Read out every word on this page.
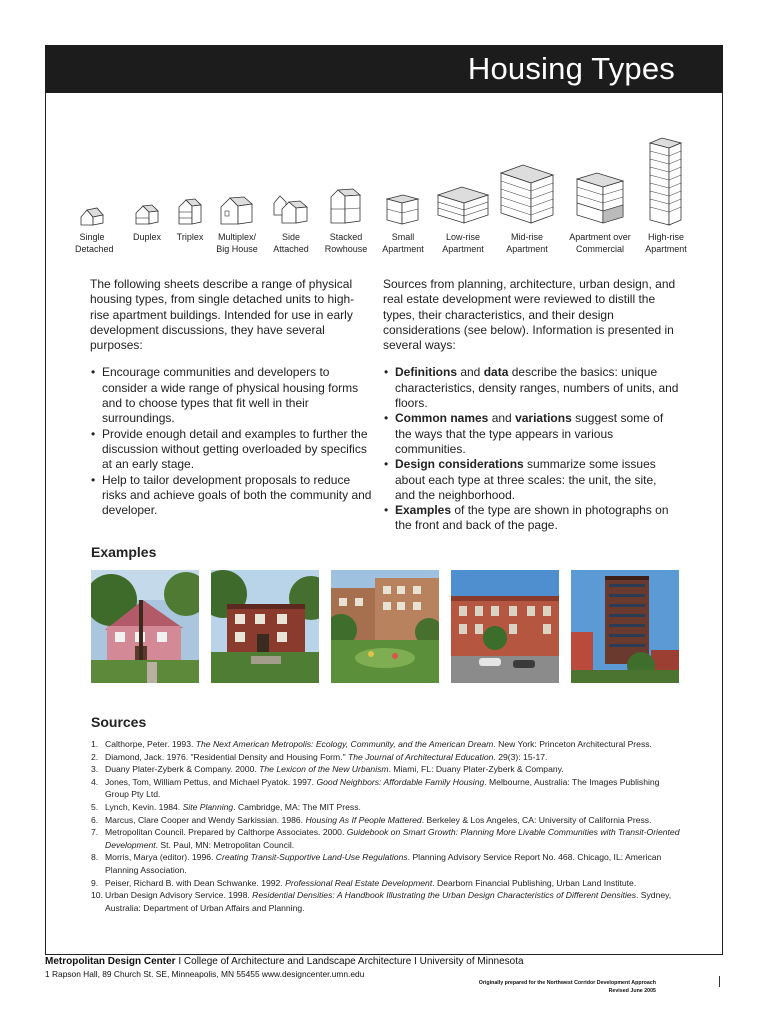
Housing Types
Single
Detached
Duplex
	Triplex
	Multiplex/
Big House
Side
Attached
Stacked
Rowhouse
Small
Apartment
Low-rise
Apartment
Mid-rise
Apartment
Apartment over
Commercial
High-rise
Apartment

The following sheets describe a range of physical housing types, from single detached units to high- rise apartment buildings. Intended for use in early development discussions, they have several purposes:

• Encourage communities and developers to consider a wide range of physical housing forms and to choose types that fit well in their surroundings.
• Provide enough detail and examples to further the discussion without getting overloaded by specifics at an early stage.
• Help to tailor development proposals to reduce risks and achieve goals of both the community and developer.

Sources from planning, architecture, urban design, and real estate development were reviewed to distill the types, their characteristics, and their design considerations (see below). Information is presented in several ways:

• Definitions and data describe the basics: unique characteristics, density ranges, numbers of units, and floors.
• Common names and variations suggest some of the ways that the type appears in various communities.
• Design considerations summarize some issues about each type at three scales: the unit, the site, and the neighborhood.
• Examples of the type are shown in photographs on the front and back of the page.
Examples
Sources
1. Calthorpe, Peter. 1993. The Next American Metropolis: Ecology, Community, and the American Dream. New York: Princeton Architectural Press.
2. Diamond, Jack. 1976. "Residential Density and Housing Form." The Journal of Architectural Education. 29(3): 15-17.
3. Duany Plater-Zyberk & Company. 2000. The Lexicon of the New Urbanism. Miami, FL: Duany Plater-Zyberk & Company.
4. Jones, Tom, William Pettus, and Michael Pyatok. 1997. Good Neighbors: Affordable Family Housing. Melbourne, Australia: The Images Publishing Group Pty Ltd.
5. Lynch, Kevin. 1984. Site Planning. Cambridge, MA: The MIT Press.
6. Marcus, Clare Cooper and Wendy Sarkissian. 1986. Housing As If People Mattered. Berkeley & Los Angeles, CA: University of California Press.
7. Metropolitan Council. Prepared by Calthorpe Associates. 2000. Guidebook on Smart Growth: Planning More Livable Communities with Transit-Oriented Development. St. Paul, MN: Metropolitan Council.
8. Morris, Marya (editor). 1996. Creating Transit-Supportive Land-Use Regulations. Planning Advisory Service Report No. 468. Chicago, IL: American Planning Association.
9. Peiser, Richard B. with Dean Schwanke. 1992. Professional Real Estate Development. Dearborn Financial Publishing, Urban Land Institute.
10. Urban Design Advisory Service. 1998. Residential Densities: A Handbook Illustrating the Urban Design Characteristics of Different Densities. Sydney, Australia: Department of Urban Affairs and Planning.
Metropolitan Design Center I College of Architecture and Landscape Architecture I University of Minnesota
1 Rapson Hall, 89 Church St. SE, Minneapolis, MN 55455 www.designcenter.umn.edu
Originally prepared for the Northwest Corridor Development Approach
Revised June 2005
